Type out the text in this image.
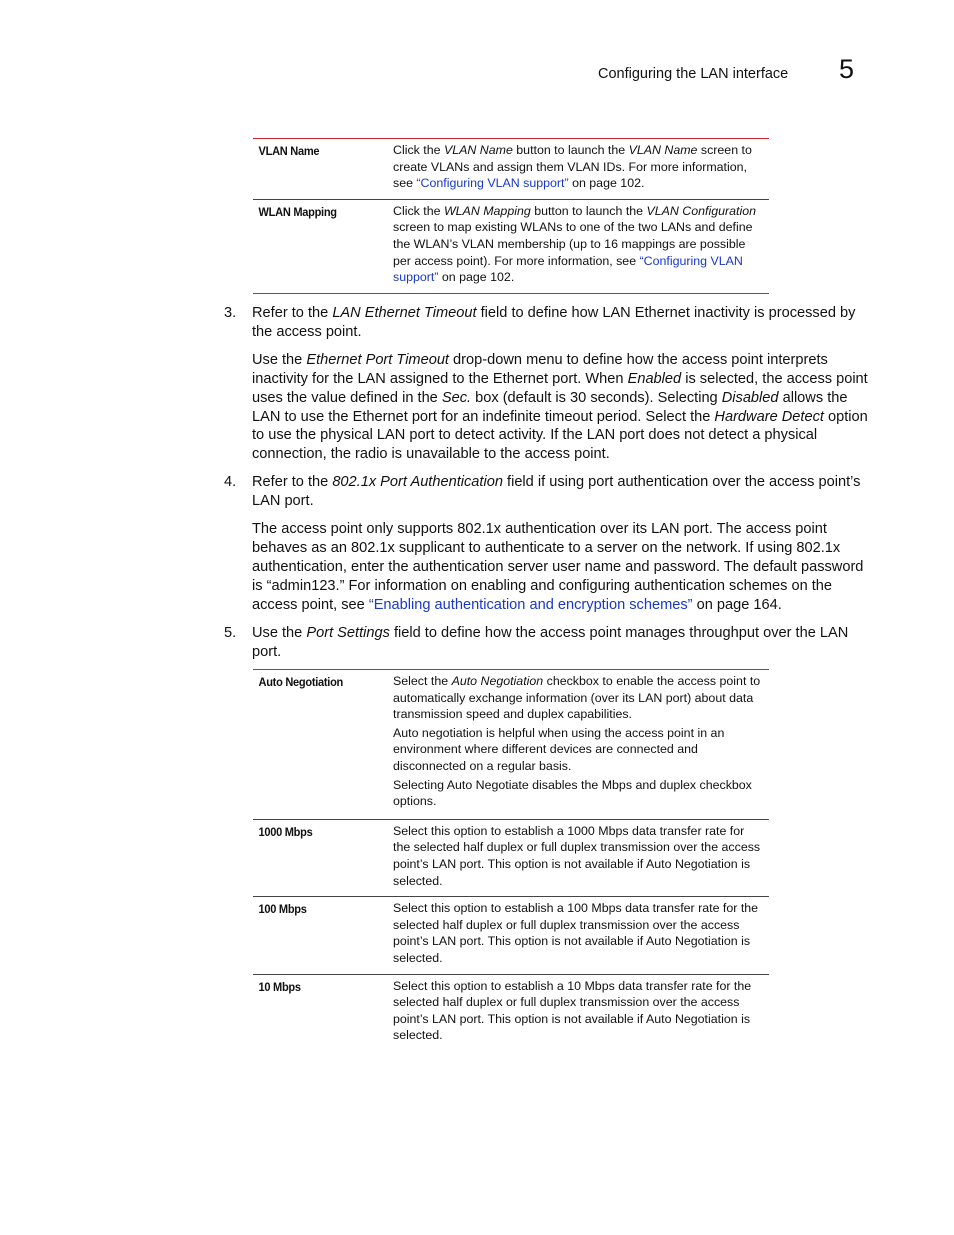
Configuring the LAN interface 5
VLAN Name	Click the VLAN Name button to launch the VLAN Name screen to create VLANs and assign them VLAN IDs. For more information, see “Configuring VLAN support” on page 102.
WLAN Mapping	Click the WLAN Mapping button to launch the VLAN Configuration screen to map existing WLANs to one of the two LANs and define the WLAN’s VLAN membership (up to 16 mappings are possible per access point). For more information, see “Configuring VLAN support” on page 102.
3. Refer to the LAN Ethernet Timeout field to define how LAN Ethernet inactivity is processed by the access point.

Use the Ethernet Port Timeout drop-down menu to define how the access point interprets inactivity for the LAN assigned to the Ethernet port. When Enabled is selected, the access point uses the value defined in the Sec. box (default is 30 seconds). Selecting Disabled allows the LAN to use the Ethernet port for an indefinite timeout period. Select the Hardware Detect option to use the physical LAN port to detect activity. If the LAN port does not detect a physical connection, the radio is unavailable to the access point.

4. Refer to the 802.1x Port Authentication field if using port authentication over the access point’s LAN port.

The access point only supports 802.1x authentication over its LAN port. The access point behaves as an 802.1x supplicant to authenticate to a server on the network. If using 802.1x authentication, enter the authentication server user name and password. The default password is “admin123.” For information on enabling and configuring authentication schemes on the access point, see “Enabling authentication and encryption schemes” on page 164.

5. Use the Port Settings field to define how the access point manages throughput over the LAN port.

Auto Negotiation	Select the Auto Negotiation checkbox to enable the access point to automatically exchange information (over its LAN port) about data transmission speed and duplex capabilities.

Auto negotiation is helpful when using the access point in an environment where different devices are connected and disconnected on a regular basis.

Selecting Auto Negotiate disables the Mbps and duplex checkbox options.

1000 Mbps	Select this option to establish a 1000 Mbps data transfer rate for the selected half duplex or full duplex transmission over the access point’s LAN port. This option is not available if Auto Negotiation is selected.
100 Mbps	Select this option to establish a 100 Mbps data transfer rate for the selected half duplex or full duplex transmission over the access point’s LAN port. This option is not available if Auto Negotiation is selected.
10 Mbps	Select this option to establish a 10 Mbps data transfer rate for the selected half duplex or full duplex transmission over the access point’s LAN port. This option is not available if Auto Negotiation is selected.
